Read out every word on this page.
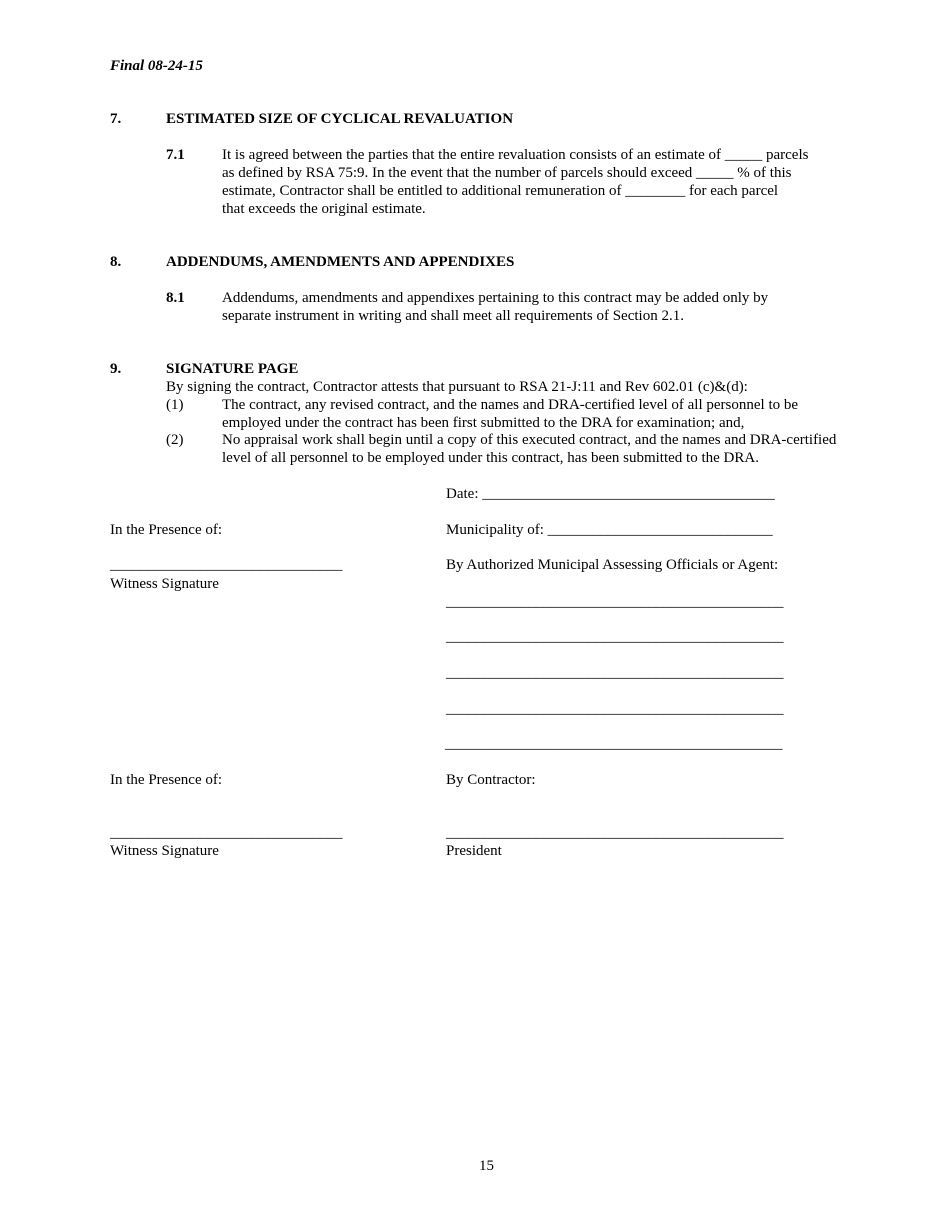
Final 08-24-15
7.	ESTIMATED SIZE OF CYCLICAL REVALUATION
7.1 It is agreed between the parties that the entire revaluation consists of an estimate of _____ parcels
as defined by RSA 75:9. In the event that the number of parcels should exceed _____ % of this
estimate, Contractor shall be entitled to additional remuneration of ________ for each parcel
that exceeds the original estimate.
8.	ADDENDUMS, AMENDMENTS AND APPENDIXES
8.1 Addendums, amendments and appendixes pertaining to this contract may be added only by
separate instrument in writing and shall meet all requirements of Section 2.1.
9.	SIGNATURE PAGE
By signing the contract, Contractor attests that pursuant to RSA 21-J:11 and Rev 602.01 (c)&(d):
(1)	The contract, any revised contract, and the names and DRA-certified level of all personnel to be
employed under the contract has been first submitted to the DRA for examination; and,
(2)	No appraisal work shall begin until a copy of this executed contract, and the names and DRA-certified
level of all personnel to be employed under this contract, has been submitted to the DRA.
Date: _______________________________________
In the Presence of:	Municipality of: ______________________________
_______________________________	By Authorized Municipal Assessing Officials or Agent:
Witness Signature
_____________________________________________
_____________________________________________
_____________________________________________
_____________________________________________
_____________________________________________
In the Presence of:	By Contractor:
_______________________________	_____________________________________________
Witness Signature	President
15
